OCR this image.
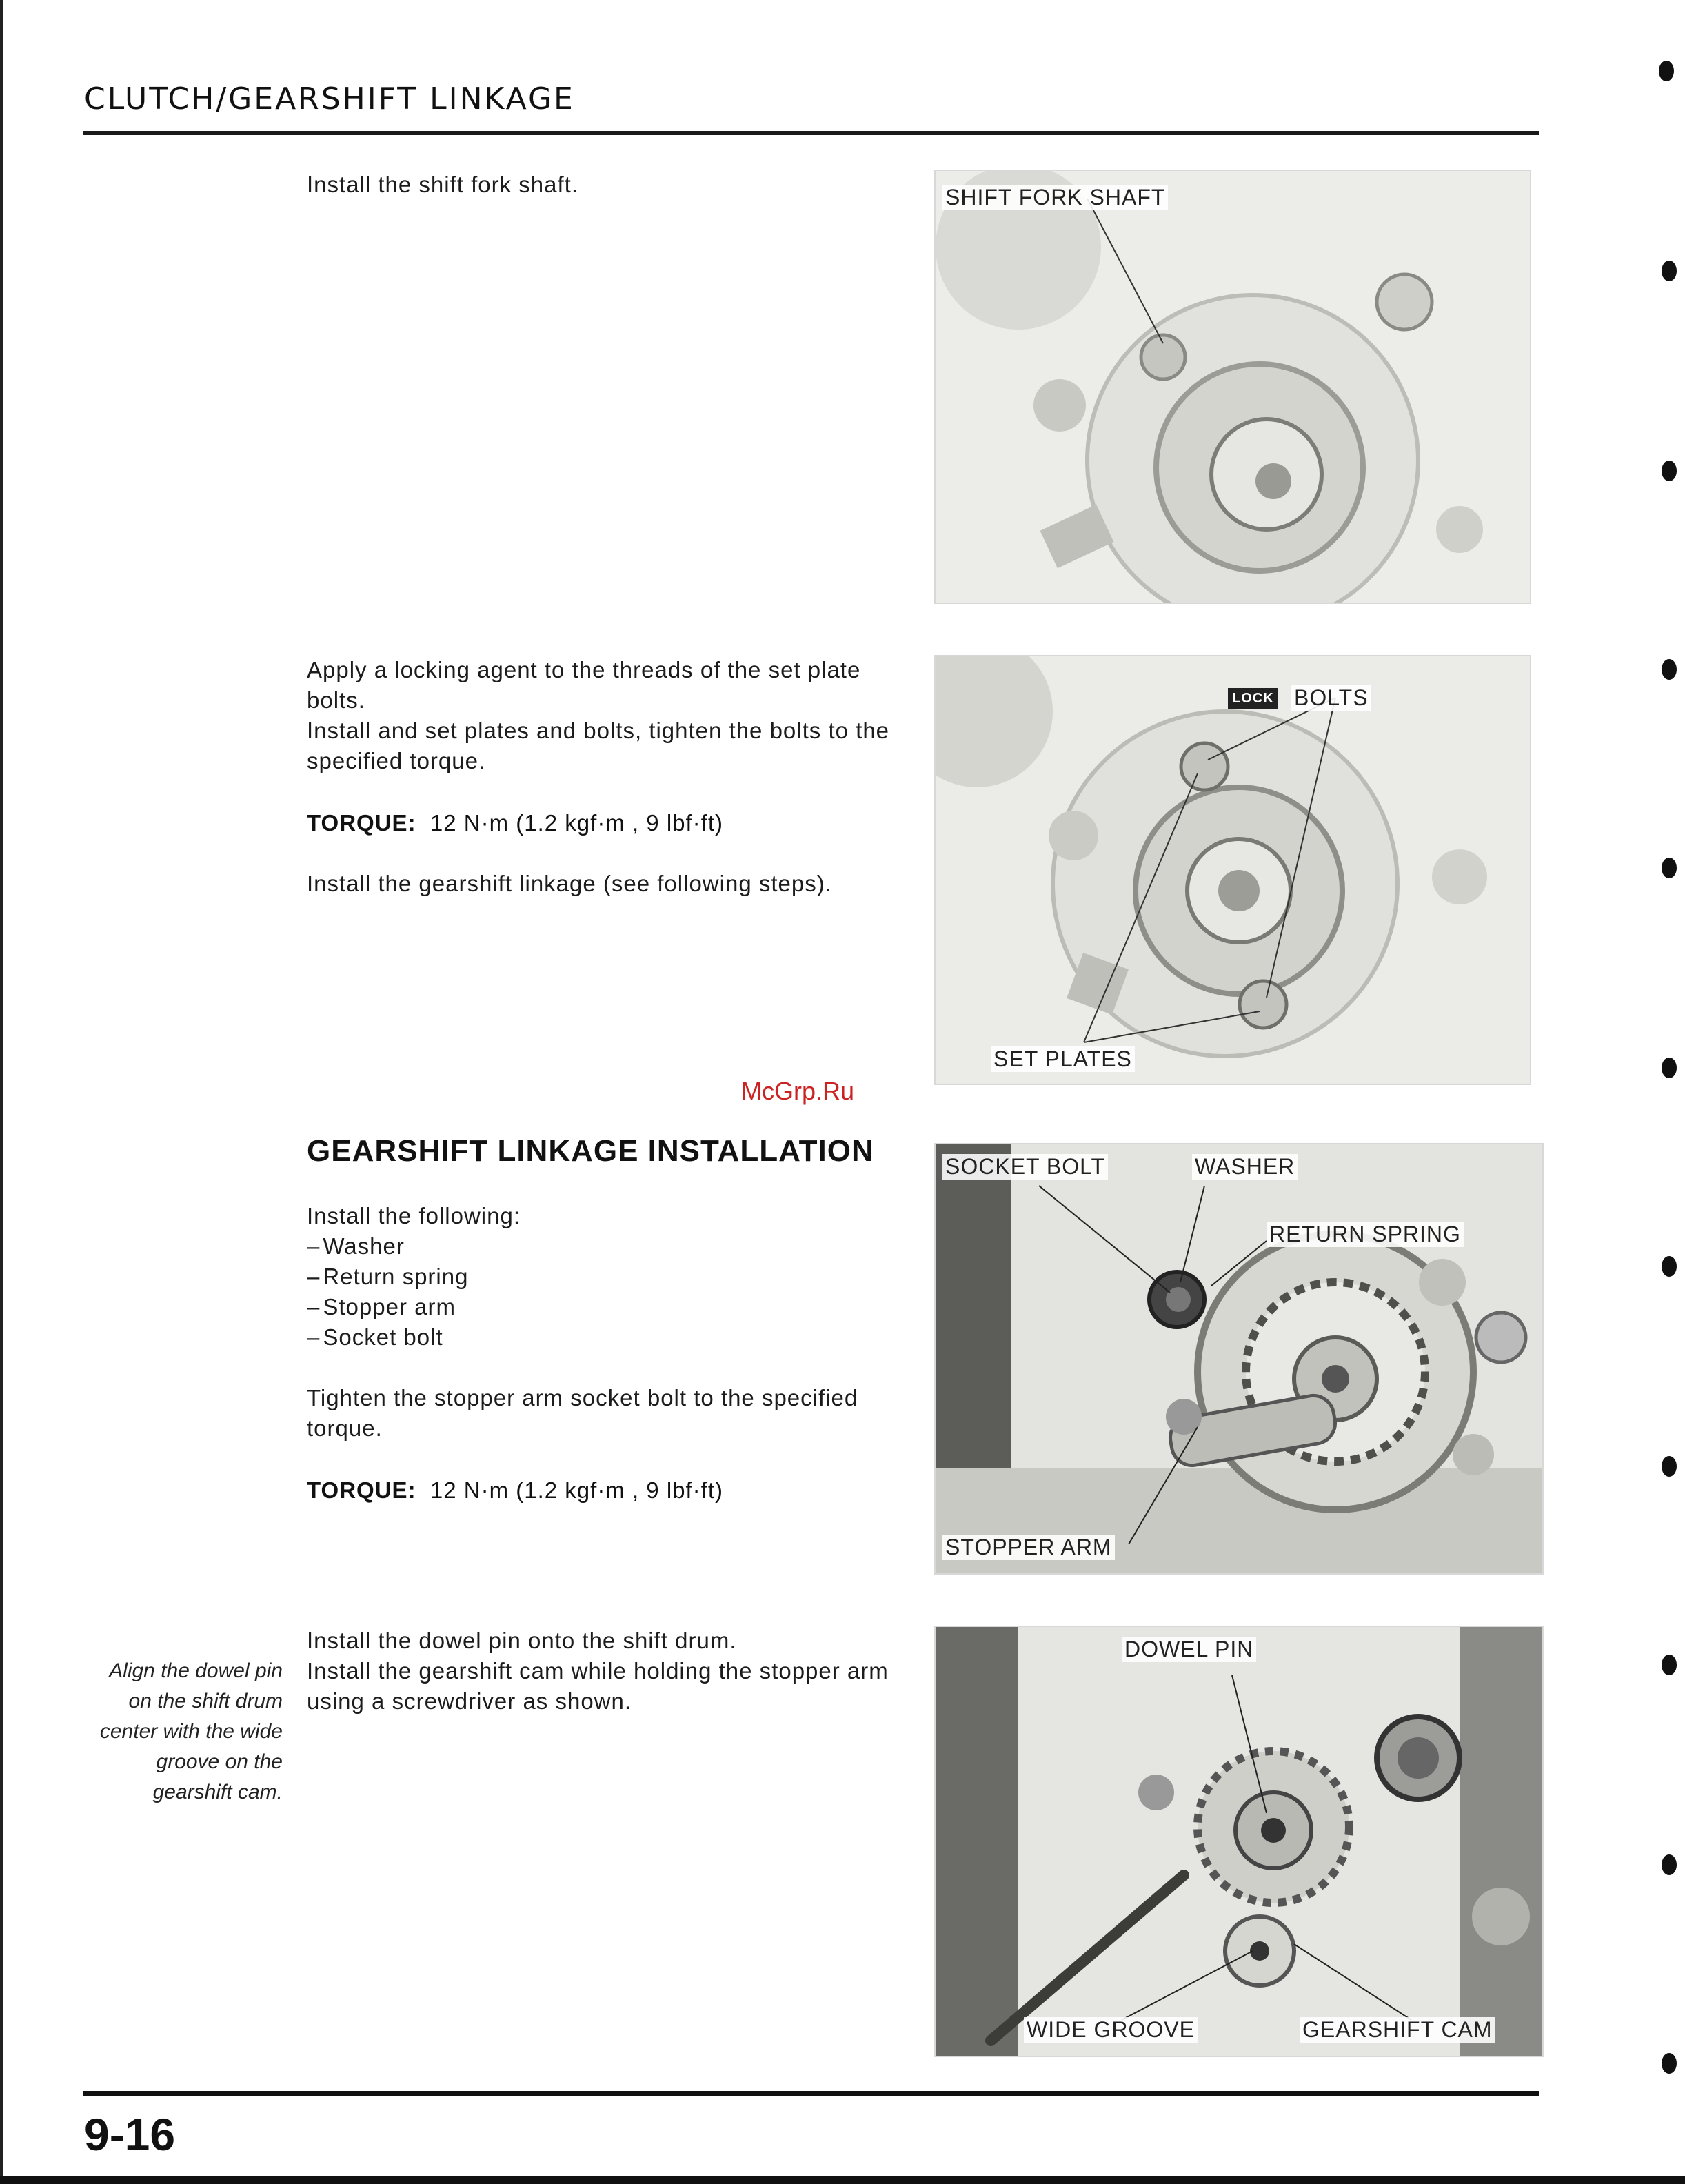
CLUTCH/GEARSHIFT LINKAGE

Install the shift fork shaft.	SHIFT FORK SHAFT

Apply a locking agent to the threads of the set plate bolts.

Install and set plates and bolts, tighten the bolts to the specified torque.

TORQUE: 12 N·m (1.2 kgf·m , 9 lbf·ft)

Install the gearshift linkage (see following steps).

LOCK BOLTS
SET PLATES
McGrp.Ru
GEARSHIFT LINKAGE INSTALLATION

Install the following:

– Washer
– Return spring
– Stopper arm
– Socket bolt

Tighten the stopper arm socket bolt to the specified torque.

TORQUE: 12 N·m (1.2 kgf·m , 9 lbf·ft)
SOCKET BOLT	WASHER
RETURN SPRING
STOPPER ARM
Align the dowel pin on the shift drum center with the wide groove on the gearshift cam.

Install the dowel pin onto the shift drum.

Install the gearshift cam while holding the stopper arm using a screwdriver as shown.

DOWEL PIN
WIDE GROOVE	GEARSHIFT CAM
9-16
